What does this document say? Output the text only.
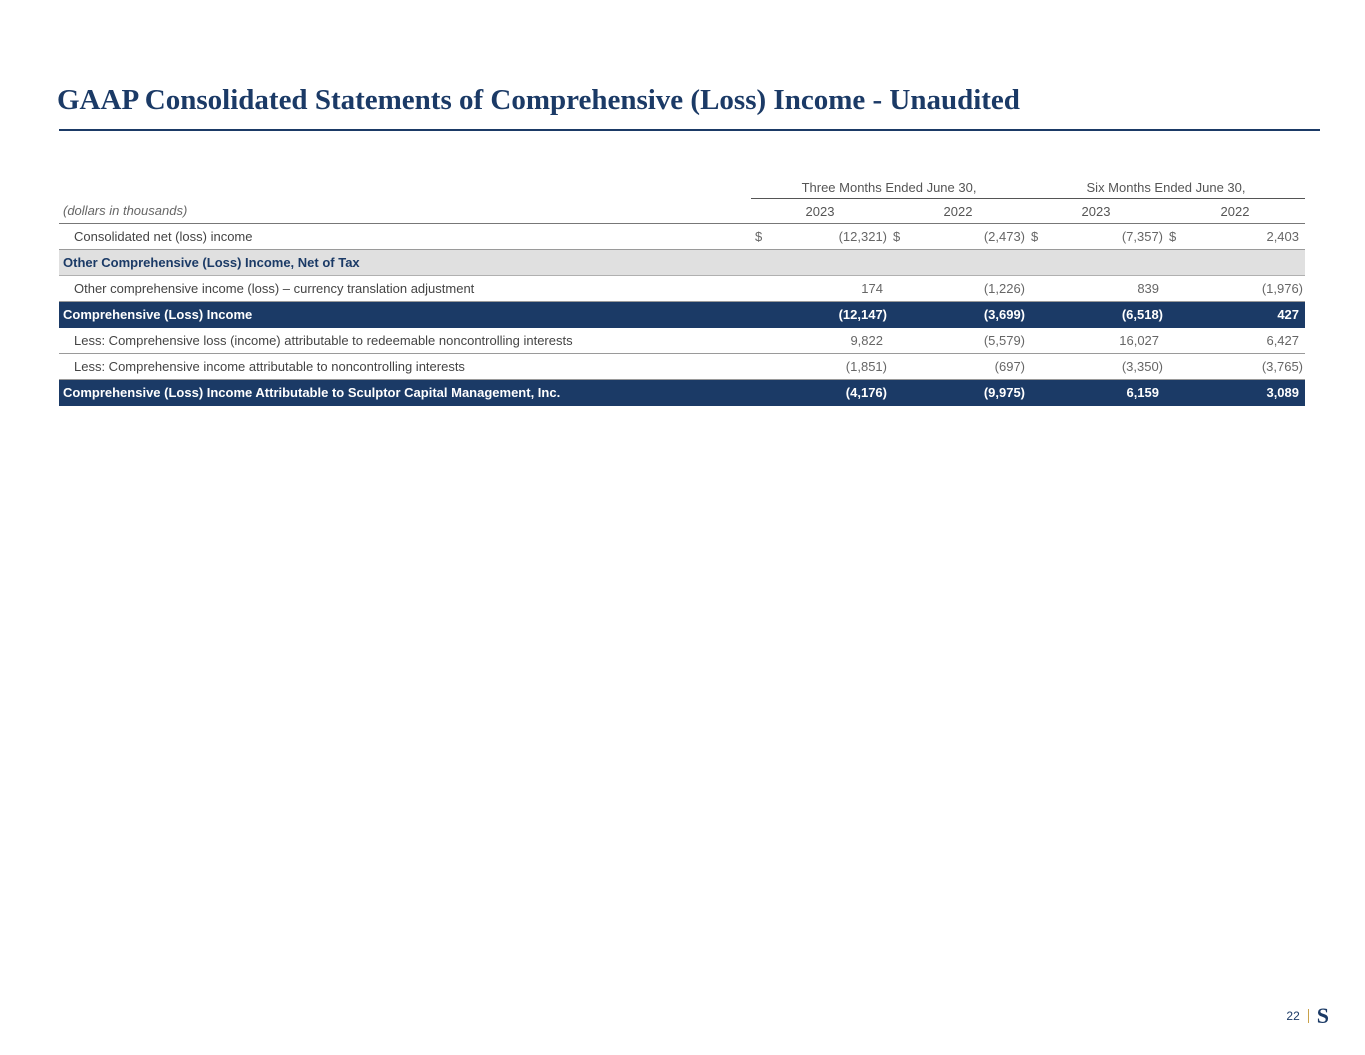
GAAP Consolidated Statements of Comprehensive (Loss) Income - Unaudited
	Three Months Ended June 30,				Six Months Ended June 30,			
(dollars in thousands)	2023		2022		2023		2022	
Consolidated net (loss) income	$	(12,321)	$	(2,473)	$	(7,357)	$	2,403
Other Comprehensive (Loss) Income, Net of Tax								
Other comprehensive income (loss) – currency translation adjustment		174		(1,226)		839		(1,976)
Comprehensive (Loss) Income		(12,147)		(3,699)		(6,518)		427
Less: Comprehensive loss (income) attributable to redeemable noncontrolling interests		9,822		(5,579)		16,027		6,427
Less: Comprehensive income attributable to noncontrolling interests		(1,851)		(697)		(3,350)		(3,765)
Comprehensive (Loss) Income Attributable to Sculptor Capital Management, Inc.		(4,176)		(9,975)		6,159		3,089
22 S
